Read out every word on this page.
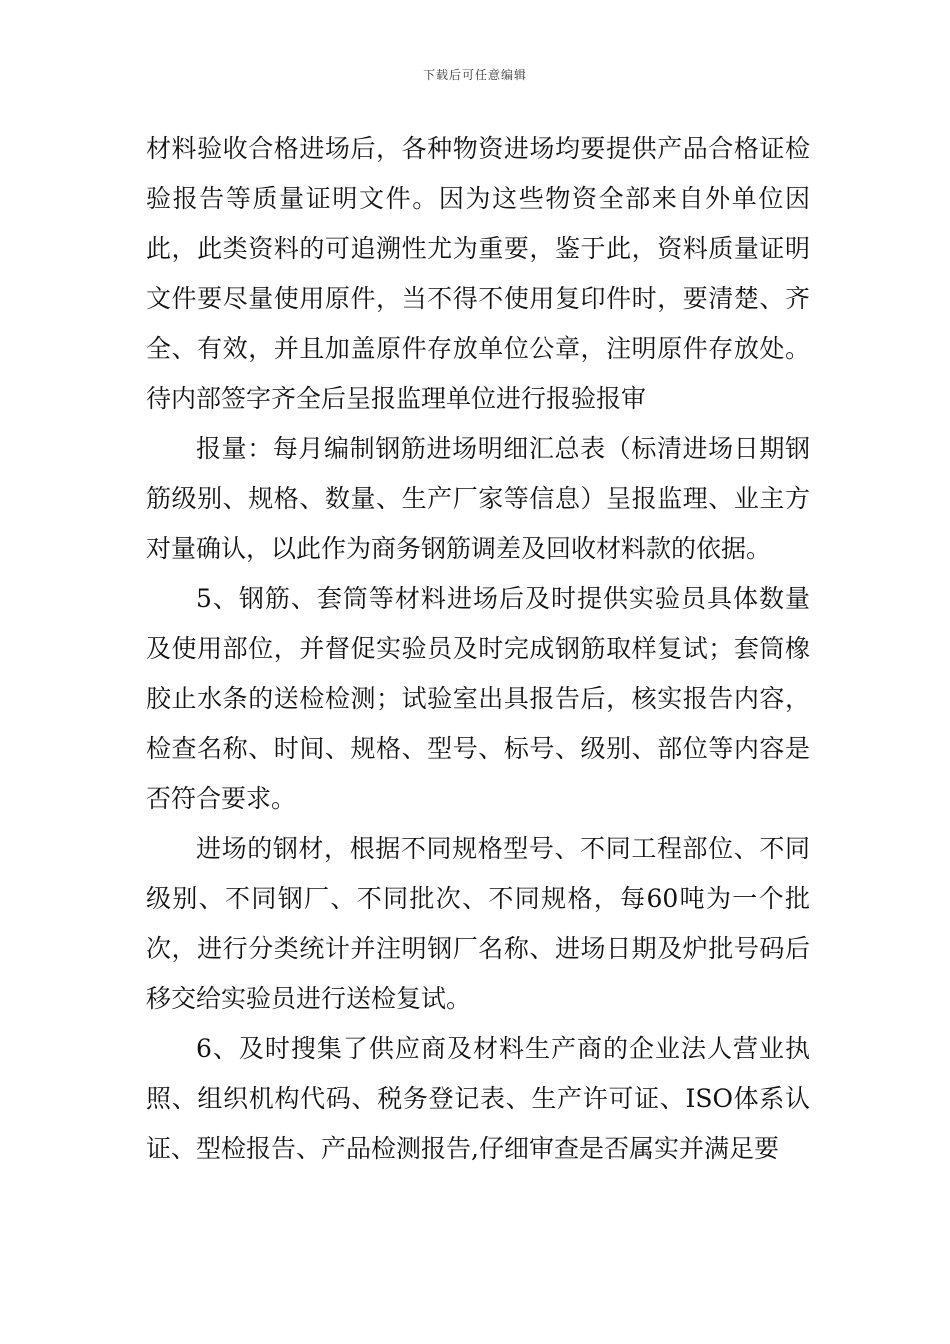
下载后可任意编辑

材料验收合格进场后，各种物资进场均要提供产品合格证检验报告等质量证明文件。因为这些物资全部来自外单位因此，此类资料的可追溯性尤为重要，鉴于此，资料质量证明文件要尽量使用原件，当不得不使用复印件时，要清楚、齐全、有效，并且加盖原件存放单位公章，注明原件存放处。待内部签字齐全后呈报监理单位进行报验报审

报量：每月编制钢筋进场明细汇总表（标清进场日期钢筋级别、规格、数量、生产厂家等信息）呈报监理、业主方对量确认，以此作为商务钢筋调差及回收材料款的依据。

5、钢筋、套筒等材料进场后及时提供实验员具体数量及使用部位，并督促实验员及时完成钢筋取样复试；套筒橡胶止水条的送检检测；试验室出具报告后，核实报告内容，检查名称、时间、规格、型号、标号、级别、部位等内容是否符合要求。

进场的钢材，根据不同规格型号、不同工程部位、不同级别、不同钢厂、不同批次、不同规格，每60吨为一个批次，进行分类统计并注明钢厂名称、进场日期及炉批号码后移交给实验员进行送检复试。

6、及时搜集了供应商及材料生产商的企业法人营业执照、组织机构代码、税务登记表、生产许可证、ISO体系认证、型检报告、产品检测报告,仔细审查是否属实并满足要
